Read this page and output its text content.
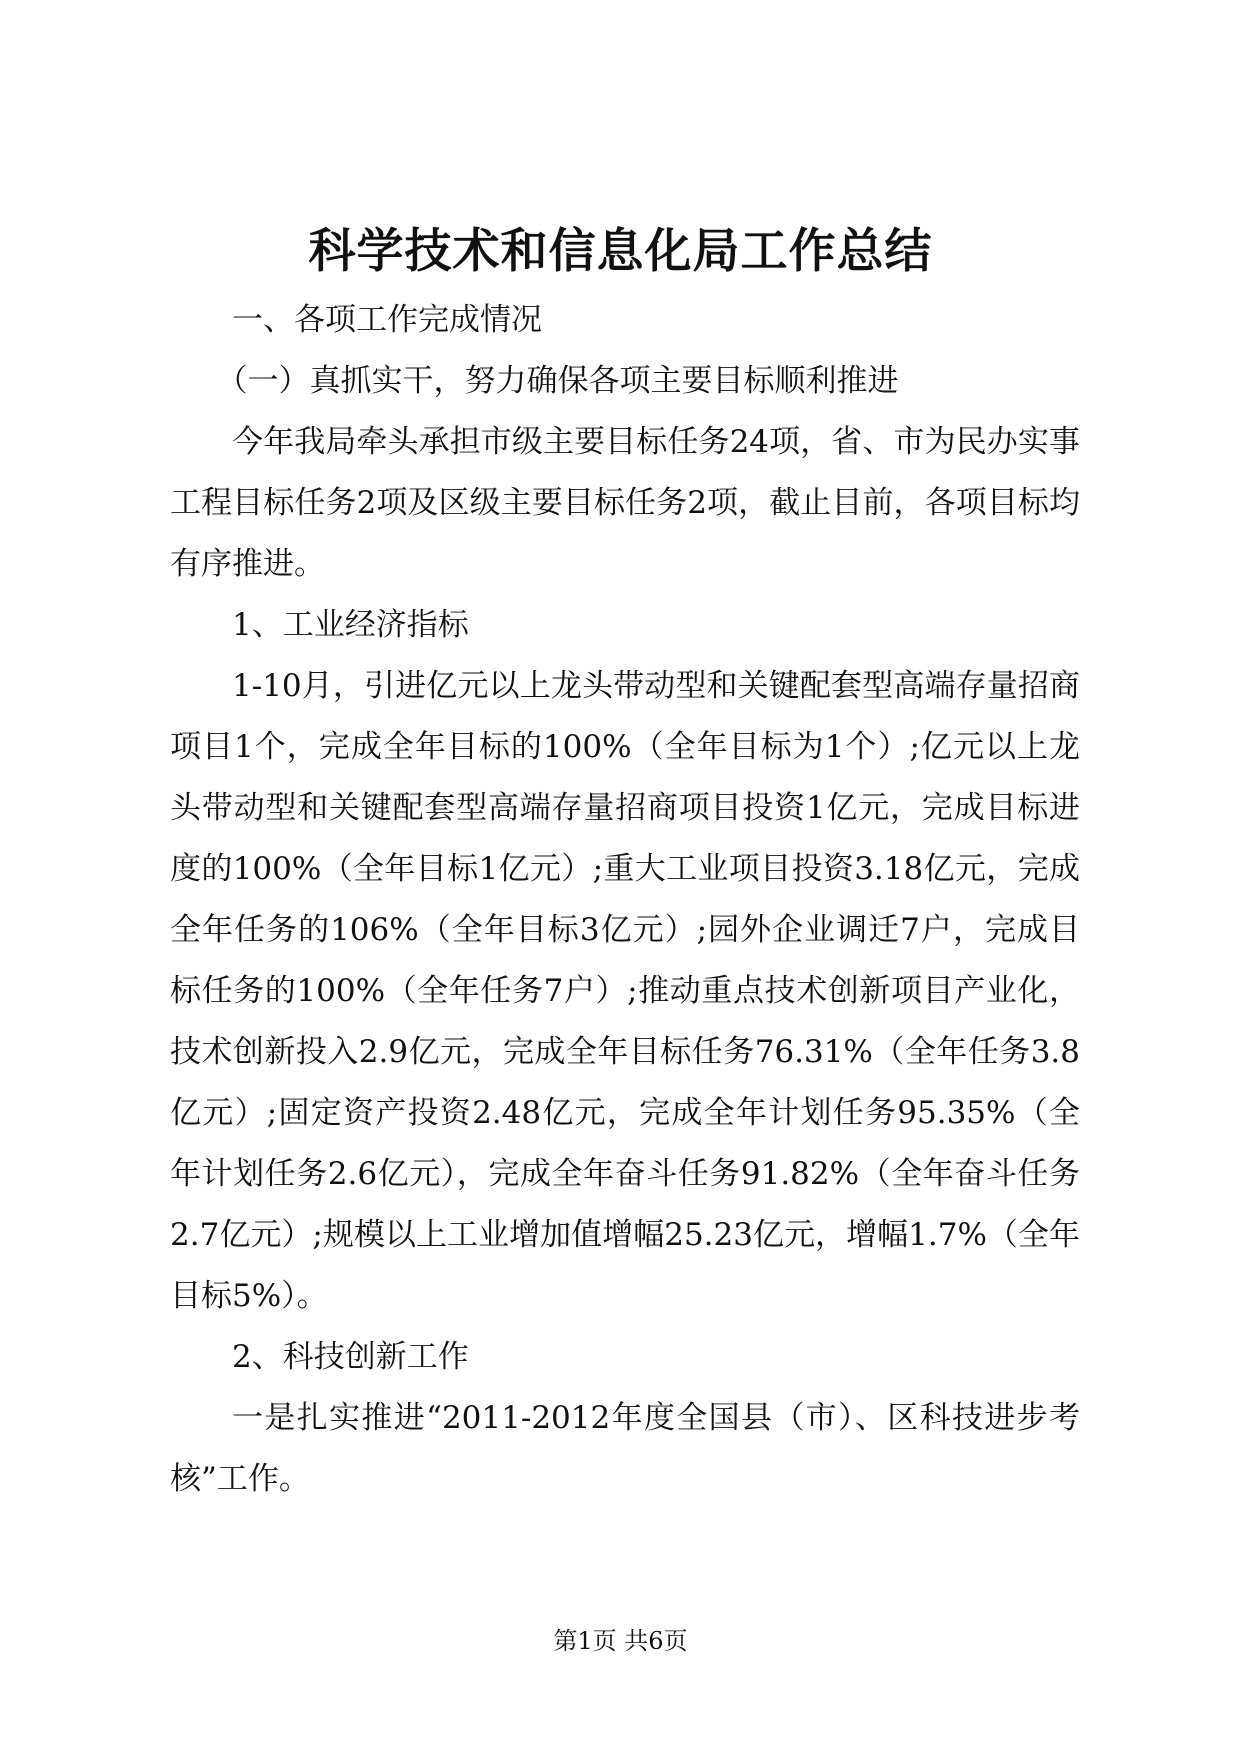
科学技术和信息化局工作总结

一、各项工作完成情况

（一）真抓实干，努力确保各项主要目标顺利推进

今年我局牵头承担市级主要目标任务24项，省、市为民办实事工程目标任务2项及区级主要目标任务2项，截止目前，各项目标均有序推进。

1、工业经济指标

1-10月，引进亿元以上龙头带动型和关键配套型高端存量招商项目1个，完成全年目标的100%（全年目标为1个）;亿元以上龙头带动型和关键配套型高端存量招商项目投资1亿元，完成目标进度的100%（全年目标1亿元）;重大工业项目投资3.18亿元，完成全年任务的106%（全年目标3亿元）;园外企业调迁7户，完成目标任务的100%（全年任务7户）;推动重点技术创新项目产业化，技术创新投入2.9亿元，完成全年目标任务76.31%（全年任务3.8亿元）;固定资产投资2.48亿元，完成全年计划任务95.35%（全年计划任务2.6亿元），完成全年奋斗任务91.82%（全年奋斗任务2.7亿元）;规模以上工业增加值增幅25.23亿元，增幅1.7%（全年目标5%）。

2、科技创新工作

一是扎实推进“2011-2012年度全国县（市）、区科技进步考核”工作。

第1页 共6页
